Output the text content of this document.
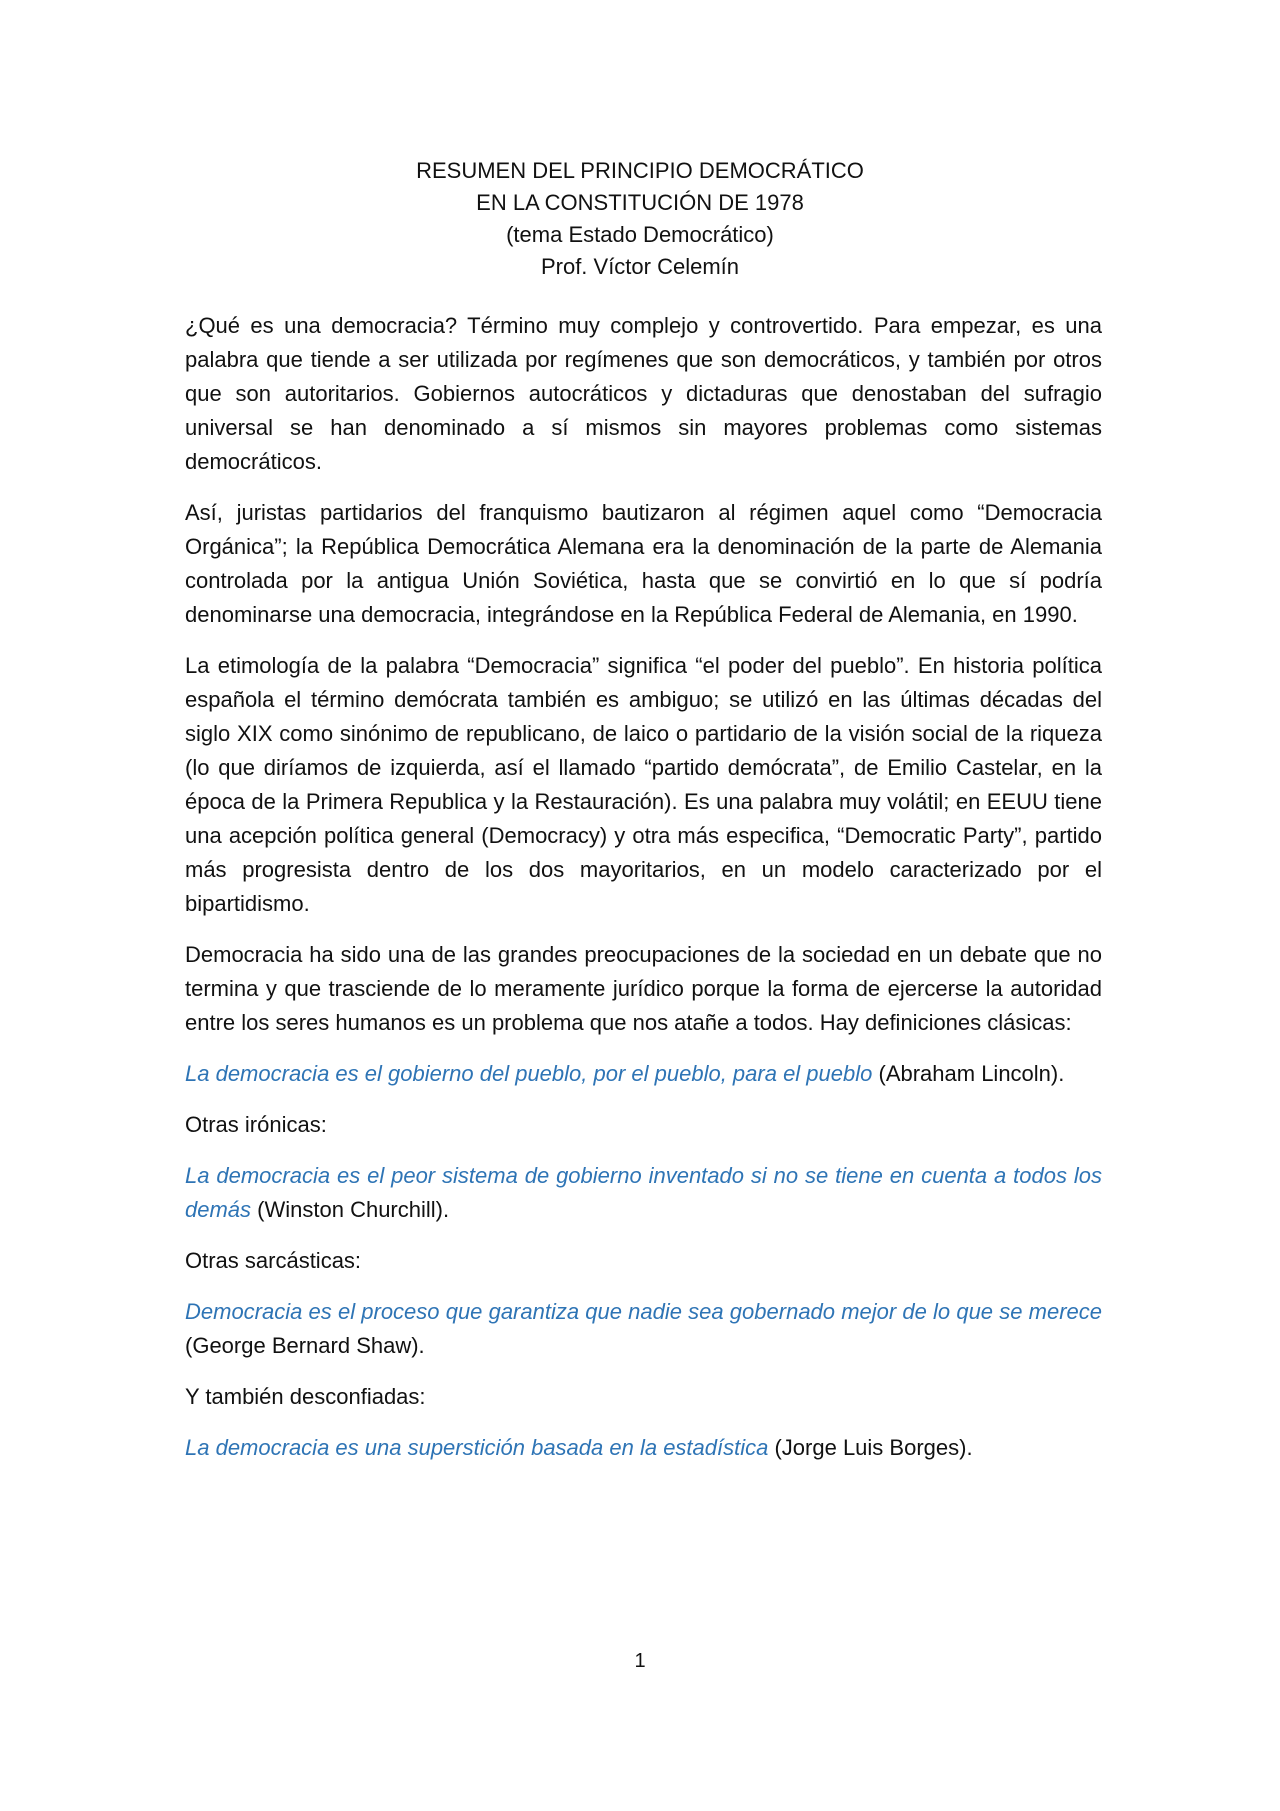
RESUMEN DEL PRINCIPIO DEMOCRÁTICO
EN LA CONSTITUCIÓN DE 1978
(tema Estado Democrático)
Prof. Víctor Celemín

¿Qué es una democracia? Término muy complejo y controvertido. Para empezar, es una palabra que tiende a ser utilizada por regímenes que son democráticos, y también por otros que son autoritarios. Gobiernos autocráticos y dictaduras que denostaban del sufragio universal se han denominado a sí mismos sin mayores problemas como sistemas democráticos.

Así, juristas partidarios del franquismo bautizaron al régimen aquel como “Democracia Orgánica”; la República Democrática Alemana era la denominación de la parte de Alemania controlada por la antigua Unión Soviética, hasta que se convirtió en lo que sí podría denominarse una democracia, integrándose en la República Federal de Alemania, en 1990.

La etimología de la palabra “Democracia” significa “el poder del pueblo”. En historia política española el término demócrata también es ambiguo; se utilizó en las últimas décadas del siglo XIX como sinónimo de republicano, de laico o partidario de la visión social de la riqueza (lo que diríamos de izquierda, así el llamado “partido demócrata”, de Emilio Castelar, en la época de la Primera Republica y la Restauración). Es una palabra muy volátil; en EEUU tiene una acepción política general (Democracy) y otra más especifica, “Democratic Party”, partido más progresista dentro de los dos mayoritarios, en un modelo caracterizado por el bipartidismo.

Democracia ha sido una de las grandes preocupaciones de la sociedad en un debate que no termina y que trasciende de lo meramente jurídico porque la forma de ejercerse la autoridad entre los seres humanos es un problema que nos atañe a todos. Hay definiciones clásicas:

La democracia es el gobierno del pueblo, por el pueblo, para el pueblo (Abraham Lincoln).

Otras irónicas:

La democracia es el peor sistema de gobierno inventado si no se tiene en cuenta a todos los demás (Winston Churchill).

Otras sarcásticas:

Democracia es el proceso que garantiza que nadie sea gobernado mejor de lo que se merece (George Bernard Shaw).

Y también desconfiadas:

La democracia es una superstición basada en la estadística (Jorge Luis Borges).

1
